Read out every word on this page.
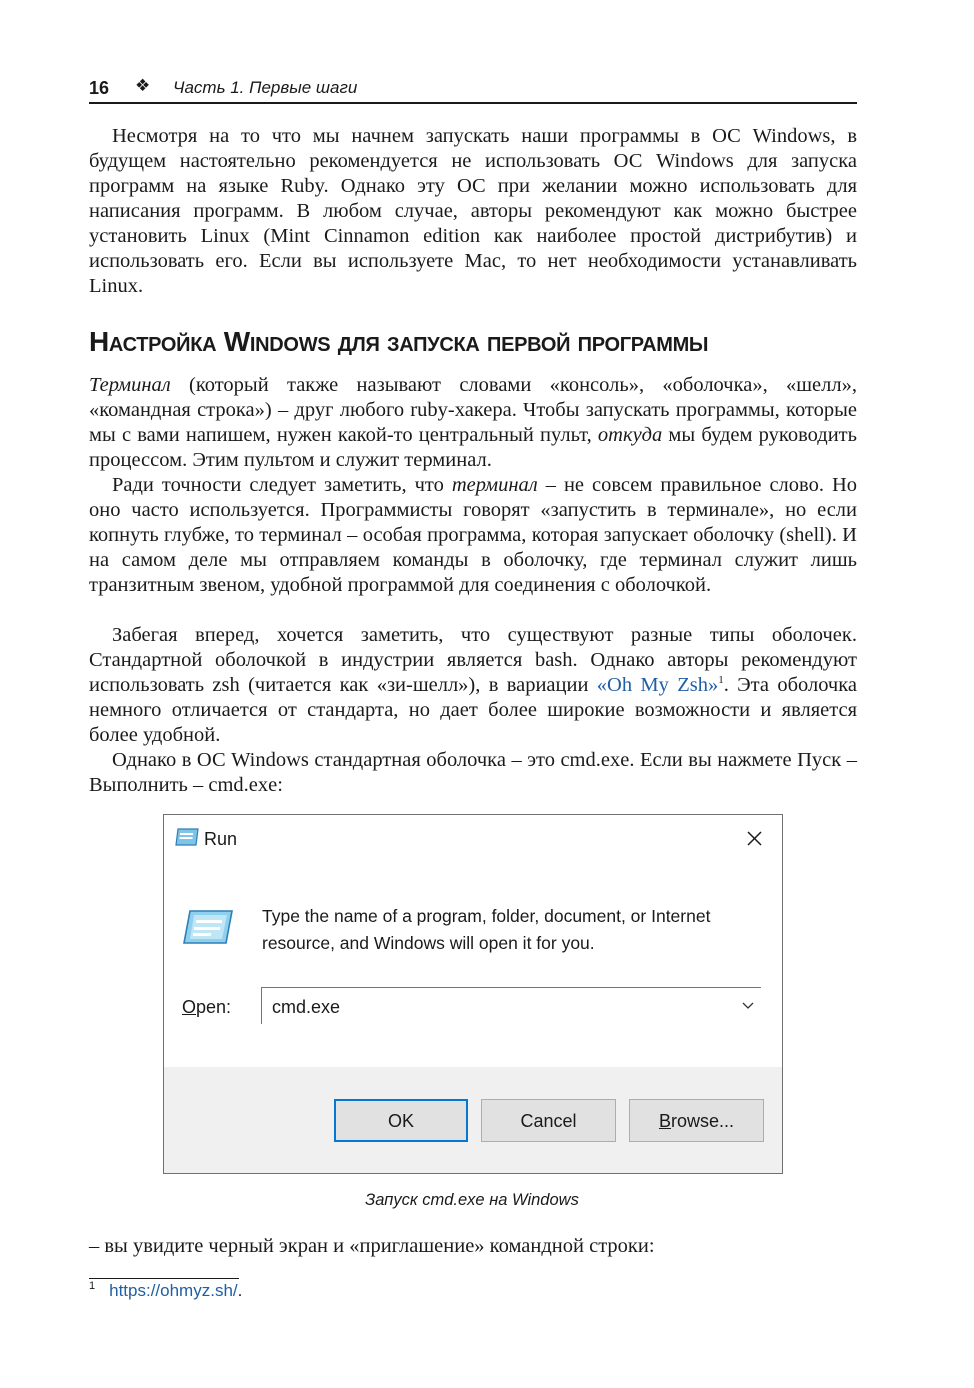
16 ❖ Часть 1. Первые шаги

Несмотря на то что мы начнем запускать наши программы в ОС Windows, в будущем настоятельно рекомендуется не использовать ОС Windows для запуска программ на языке Ruby. Однако эту ОС при желании можно использовать для написания программ. В любом случае, авторы рекомендуют как можно быстрее установить Linux (Mint Cinnamon edition как наиболее простой дистрибутив) и использовать его. Если вы используете Mac, то нет необходимости устанавливать Linux.

Настройка Windows для запуска первой программы

Терминал (который также называют словами «консоль», «оболочка», «шелл», «командная строка») – друг любого ruby-хакера. Чтобы запускать программы, которые мы с вами напишем, нужен какой-то центральный пульт, откуда мы будем руководить процессом. Этим пультом и служит терминал.

Ради точности следует заметить, что терминал – не совсем правильное слово. Но оно часто используется. Программисты говорят «запустить в терминале», но если копнуть глубже, то терминал – особая программа, которая запускает оболочку (shell). И на самом деле мы отправляем команды в оболочку, где терминал служит лишь транзитным звеном, удобной программой для соединения с оболочкой.

Забегая вперед, хочется заметить, что существуют разные типы оболочек. Стандартной оболочкой в индустрии является bash. Однако авторы рекомендуют использовать zsh (читается как «зи-шелл»), в вариации «Oh My Zsh»$^1$. Эта оболочка немного отличается от стандарта, но дает более широкие возможности и является более удобной.

Однако в ОС Windows стандартная оболочка – это cmd.exe. Если вы нажмете Пуск – Выполнить – cmd.exe:

Run
Type the name of a program, folder, document, or Internet resource, and Windows will open it for you.
Open: cmd.exe
OK	Cancel	Browse...
Запуск cmd.exe на Windows

– вы увидите черный экран и «приглашение» командной строки:

$^1$ https://ohmyz.sh/.
